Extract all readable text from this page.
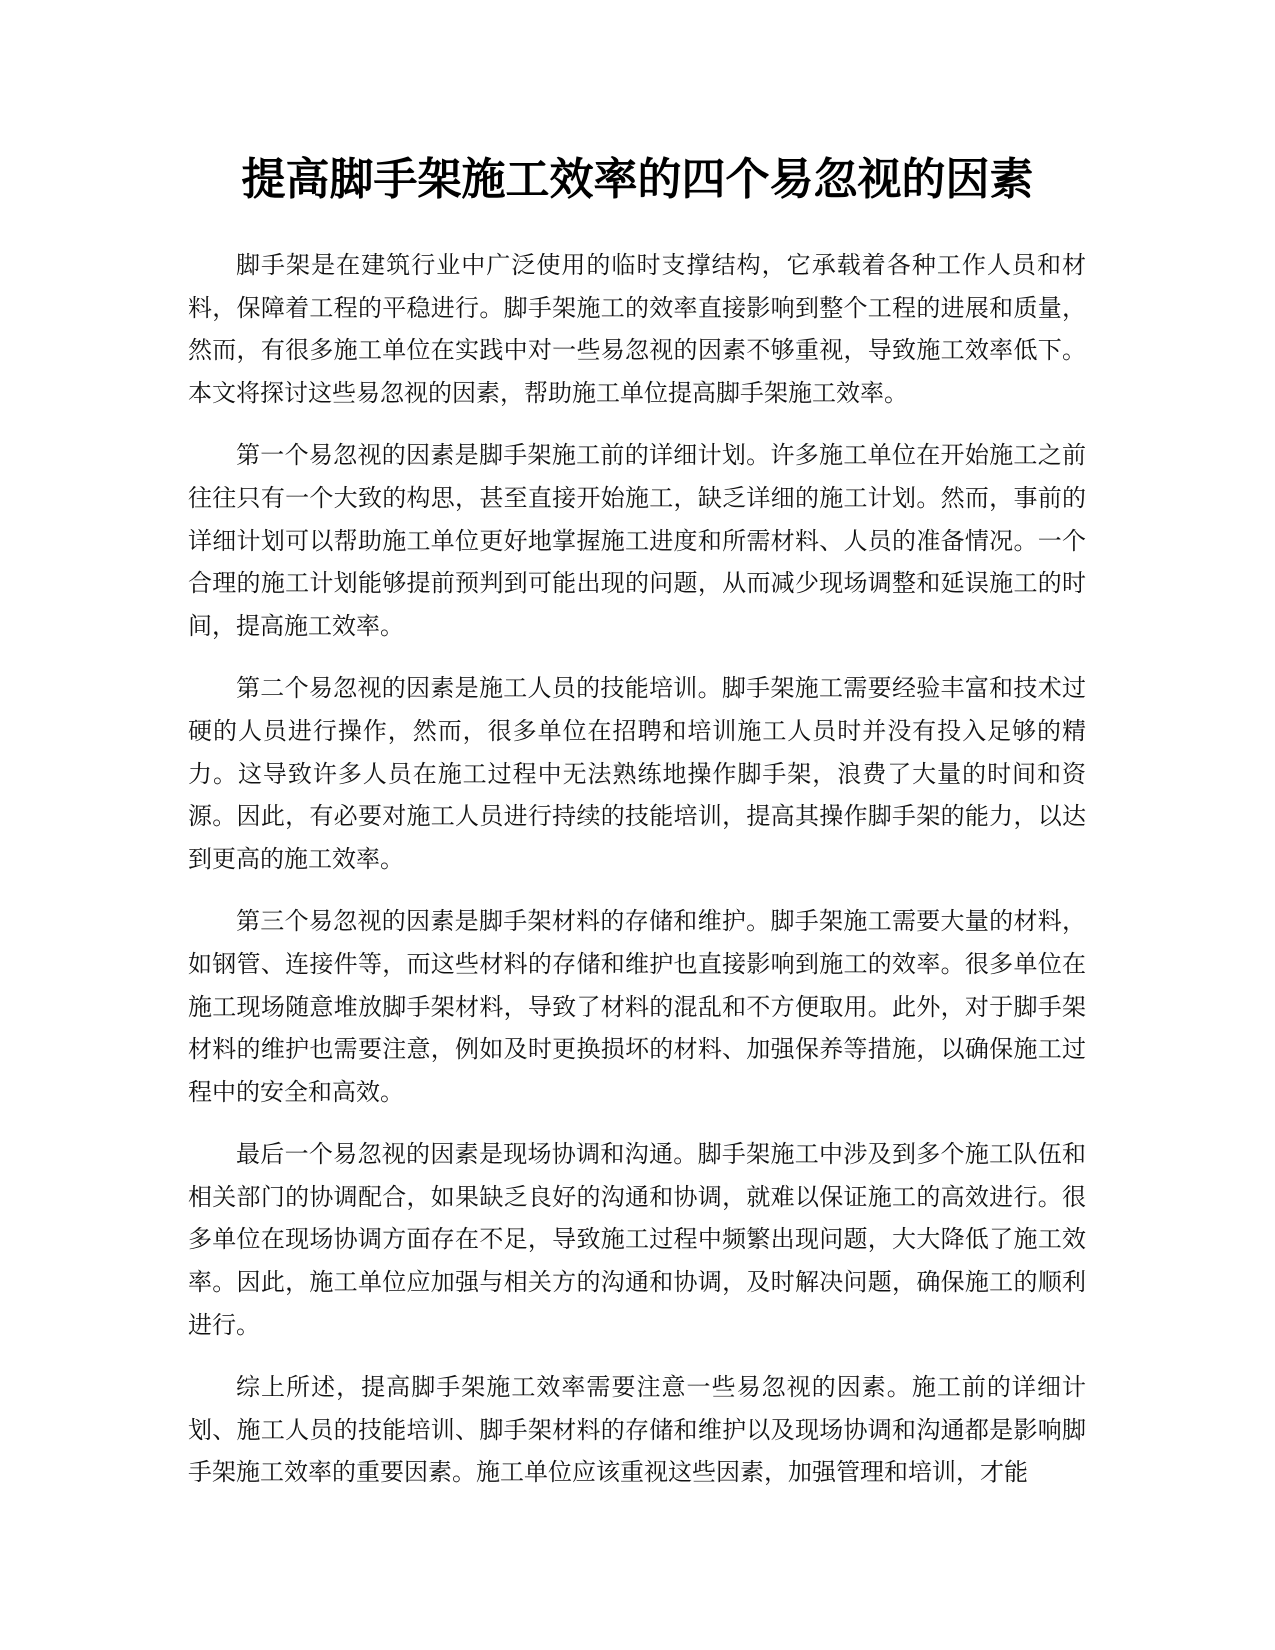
提高脚手架施工效率的四个易忽视的因素

脚手架是在建筑行业中广泛使用的临时支撑结构，它承载着各种工作人员和材料，保障着工程的平稳进行。脚手架施工的效率直接影响到整个工程的进展和质量，然而，有很多施工单位在实践中对一些易忽视的因素不够重视，导致施工效率低下。本文将探讨这些易忽视的因素，帮助施工单位提高脚手架施工效率。

第一个易忽视的因素是脚手架施工前的详细计划。许多施工单位在开始施工之前往往只有一个大致的构思，甚至直接开始施工，缺乏详细的施工计划。然而，事前的详细计划可以帮助施工单位更好地掌握施工进度和所需材料、人员的准备情况。一个合理的施工计划能够提前预判到可能出现的问题，从而减少现场调整和延误施工的时间，提高施工效率。

第二个易忽视的因素是施工人员的技能培训。脚手架施工需要经验丰富和技术过硬的人员进行操作，然而，很多单位在招聘和培训施工人员时并没有投入足够的精力。这导致许多人员在施工过程中无法熟练地操作脚手架，浪费了大量的时间和资源。因此，有必要对施工人员进行持续的技能培训，提高其操作脚手架的能力，以达到更高的施工效率。

第三个易忽视的因素是脚手架材料的存储和维护。脚手架施工需要大量的材料，如钢管、连接件等，而这些材料的存储和维护也直接影响到施工的效率。很多单位在施工现场随意堆放脚手架材料，导致了材料的混乱和不方便取用。此外，对于脚手架材料的维护也需要注意，例如及时更换损坏的材料、加强保养等措施，以确保施工过程中的安全和高效。

最后一个易忽视的因素是现场协调和沟通。脚手架施工中涉及到多个施工队伍和相关部门的协调配合，如果缺乏良好的沟通和协调，就难以保证施工的高效进行。很多单位在现场协调方面存在不足，导致施工过程中频繁出现问题，大大降低了施工效率。因此，施工单位应加强与相关方的沟通和协调，及时解决问题，确保施工的顺利进行。

综上所述，提高脚手架施工效率需要注意一些易忽视的因素。施工前的详细计划、施工人员的技能培训、脚手架材料的存储和维护以及现场协调和沟通都是影响脚手架施工效率的重要因素。施工单位应该重视这些因素，加强管理和培训，才能
